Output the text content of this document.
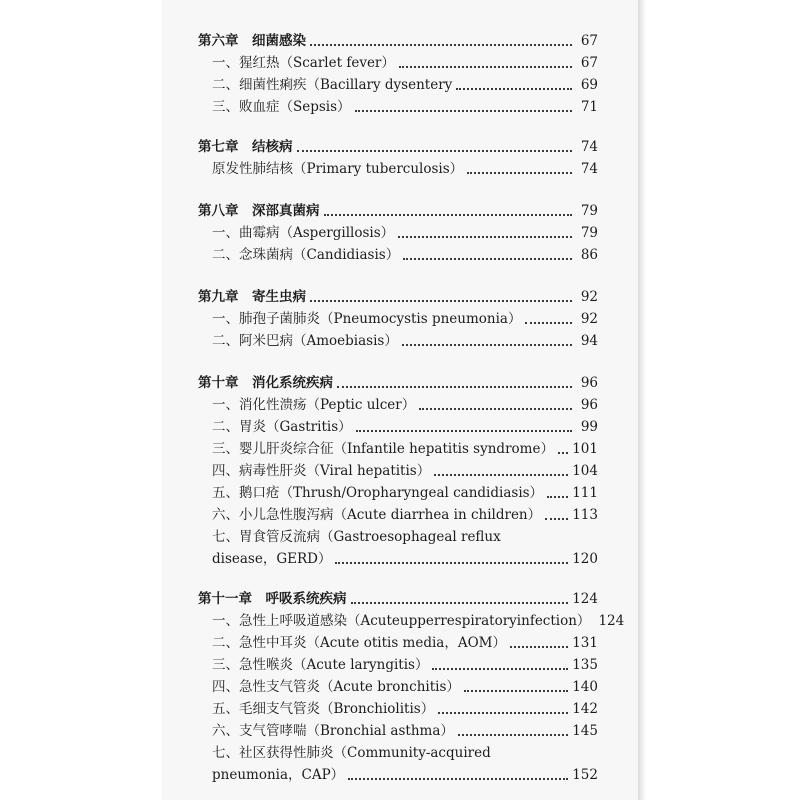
第六章　细菌感染	67
一、猩红热（Scarlet fever）	67
二、细菌性痢疾（Bacillary dysentery	69
三、败血症（Sepsis）	71
第七章　结核病	74
原发性肺结核（Primary tuberculosis）	74
第八章　深部真菌病	79
一、曲霉病（Aspergillosis）	79
二、念珠菌病（Candidiasis）	86
第九章　寄生虫病	92
一、肺孢子菌肺炎（Pneumocystis pneumonia）	92
二、阿米巴病（Amoebiasis）	94
第十章　消化系统疾病	96
一、消化性溃疡（Peptic ulcer）	96
二、胃炎（Gastritis）	99
三、婴儿肝炎综合征（Infantile hepatitis syndrome） 101
四、病毒性肝炎（Viral hepatitis）	104
五、鹅口疮（Thrush/Oropharyngeal candidiasis） 111
六、小儿急性腹泻病（Acute diarrhea in children） 113
七、胃食管反流病（Gastroesophageal reflux
disease，GERD）	120
第十一章　呼吸系统疾病	124
一、急性上呼吸道感染（Acuteupperrespiratoryinfection） 124
二、急性中耳炎（Acute otitis media，AOM）	131
三、急性喉炎（Acute laryngitis）	135
四、急性支气管炎（Acute bronchitis）	140
五、毛细支气管炎（Bronchiolitis）	142
六、支气管哮喘（Bronchial asthma）	145
七、社区获得性肺炎（Community-acquired
pneumonia，CAP）	152
